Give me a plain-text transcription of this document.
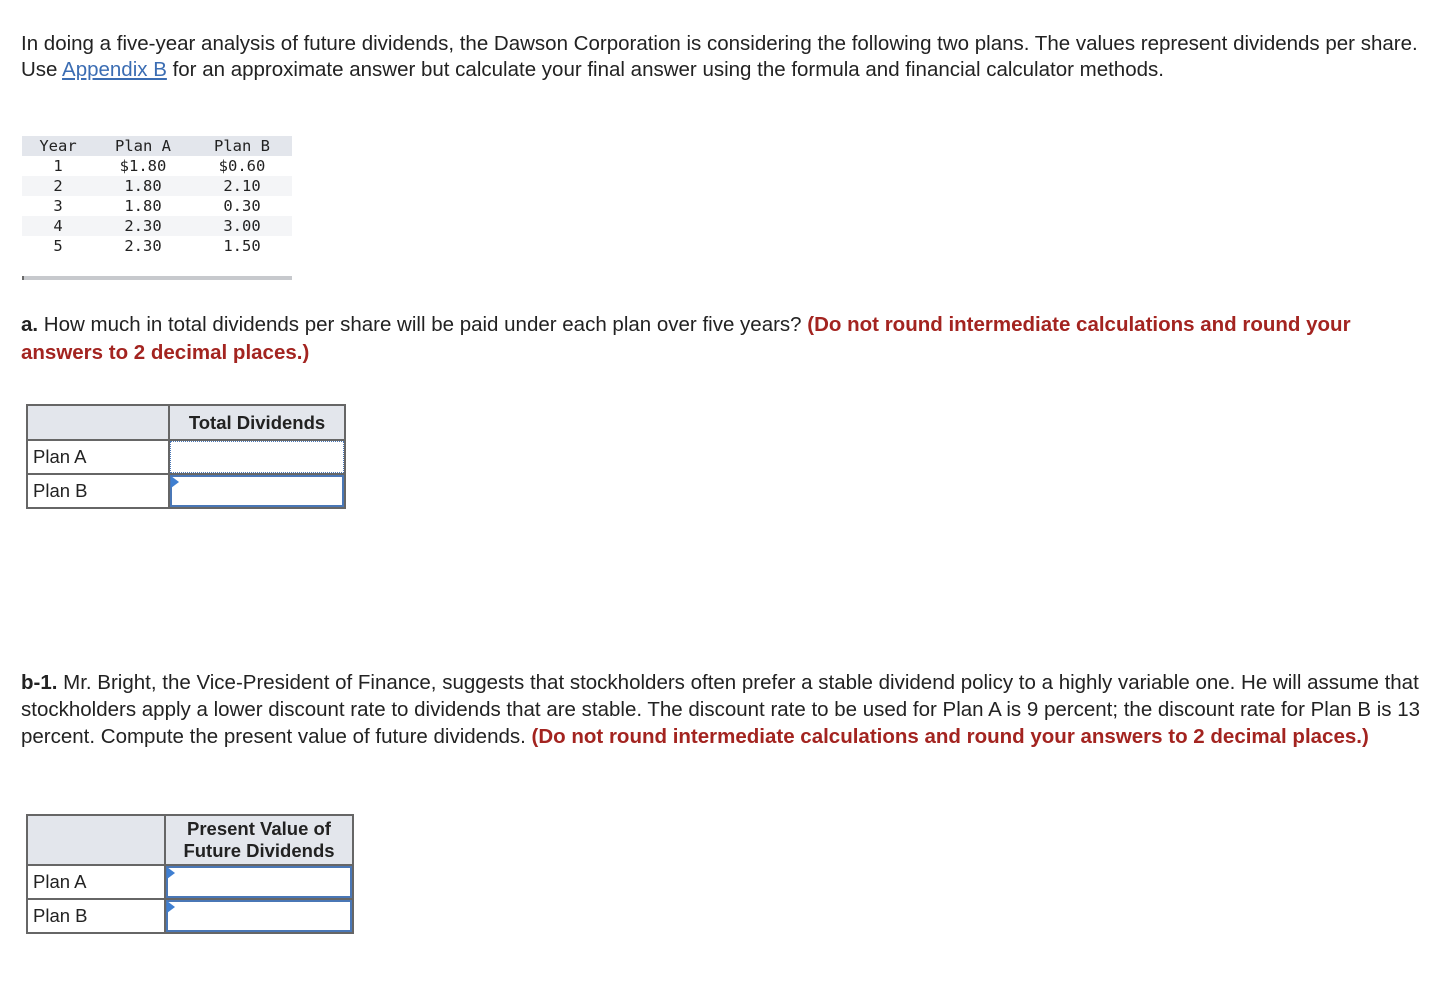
In doing a five-year analysis of future dividends, the Dawson Corporation is considering the following two plans. The values represent dividends per share. Use Appendix B for an approximate answer but calculate your final answer using the formula and financial calculator methods.

Year	Plan A	Plan B
1	$1.80	$0.60
2	1.80	2.10
3	1.80	0.30
4	2.30	3.00
5	2.30	1.50

a. How much in total dividends per share will be paid under each plan over five years? (Do not round intermediate calculations and round your answers to 2 decimal places.)

	Total Dividends
Plan A	

Plan B	

b-1. Mr. Bright, the Vice-President of Finance, suggests that stockholders often prefer a stable dividend policy to a highly variable one. He will assume that stockholders apply a lower discount rate to dividends that are stable. The discount rate to be used for Plan A is 9 percent; the discount rate for Plan B is 13 percent. Compute the present value of future dividends. (Do not round intermediate calculations and round your answers to 2 decimal places.)

	Present Value of
Future Dividends
Plan A	

Plan B	
